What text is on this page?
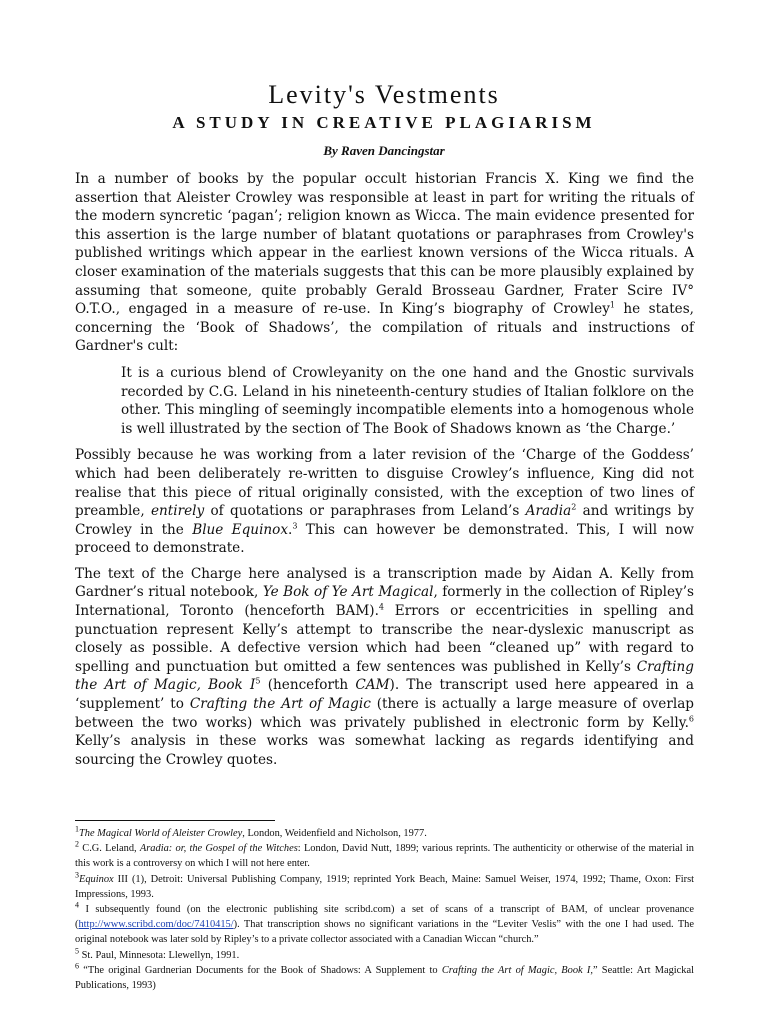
Levity's Vestments
A STUDY IN CREATIVE PLAGIARISM
By Raven Dancingstar

In a number of books by the popular occult historian Francis X. King we find the assertion that Aleister Crowley was responsible at least in part for writing the rituals of the modern syncretic ‘pagan’; religion known as Wicca. The main evidence presented for this assertion is the large number of blatant quotations or paraphrases from Crowley's published writings which appear in the earliest known versions of the Wicca rituals. A closer examination of the materials suggests that this can be more plausibly explained by assuming that someone, quite probably Gerald Brosseau Gardner, Frater Scire IV° O.T.O., engaged in a measure of re-use. In King’s biography of Crowley$^1$ he states, concerning the ‘Book of Shadows’, the compilation of rituals and instructions of Gardner's cult:

It is a curious blend of Crowleyanity on the one hand and the Gnostic survivals recorded by C.G. Leland in his nineteenth-century studies of Italian folklore on the other. This mingling of seemingly incompatible elements into a homogenous whole is well illustrated by the section of The Book of Shadows known as ‘the Charge.’

Possibly because he was working from a later revision of the ‘Charge of the Goddess’ which had been deliberately re-written to disguise Crowley’s influence, King did not realise that this piece of ritual originally consisted, with the exception of two lines of preamble, entirely of quotations or paraphrases from Leland’s Aradia$^2$ and writings by Crowley in the Blue Equinox.$^3$ This can however be demonstrated. This, I will now proceed to demonstrate.

The text of the Charge here analysed is a transcription made by Aidan A. Kelly from Gardner’s ritual notebook, Ye Bok of Ye Art Magical, formerly in the collection of Ripley’s International, Toronto (henceforth BAM).$^4$ Errors or eccentricities in spelling and punctuation represent Kelly’s attempt to transcribe the near-dyslexic manuscript as closely as possible. A defective version which had been “cleaned up” with regard to spelling and punctuation but omitted a few sentences was published in Kelly’s Crafting the Art of Magic, Book I$^5$ (henceforth CAM). The transcript used here appeared in a ‘supplement’ to Crafting the Art of Magic (there is actually a large measure of overlap between the two works) which was privately published in electronic form by Kelly.$^6$ Kelly’s analysis in these works was somewhat lacking as regards identifying and sourcing the Crowley quotes.

$^1$The Magical World of Aleister Crowley, London, Weidenfield and Nicholson, 1977.
$^2$ C.G. Leland, Aradia: or, the Gospel of the Witches: London, David Nutt, 1899; various reprints. The authenticity or otherwise of the material in this work is a controversy on which I will not here enter.
$^3$Equinox III (1), Detroit: Universal Publishing Company, 1919; reprinted York Beach, Maine: Samuel Weiser, 1974, 1992; Thame, Oxon: First Impressions, 1993.
$^4$ I subsequently found (on the electronic publishing site scribd.com) a set of scans of a transcript of BAM, of unclear provenance (http://www.scribd.com/doc/7410415/). That transcription shows no significant variations in the “Leviter Veslis” with the one I had used. The original notebook was later sold by Ripley’s to a private collector associated with a Canadian Wiccan “church.”
$^5$ St. Paul, Minnesota: Llewellyn, 1991.
$^6$ “The original Gardnerian Documents for the Book of Shadows: A Supplement to Crafting the Art of Magic, Book I,” Seattle: Art Magickal Publications, 1993)
